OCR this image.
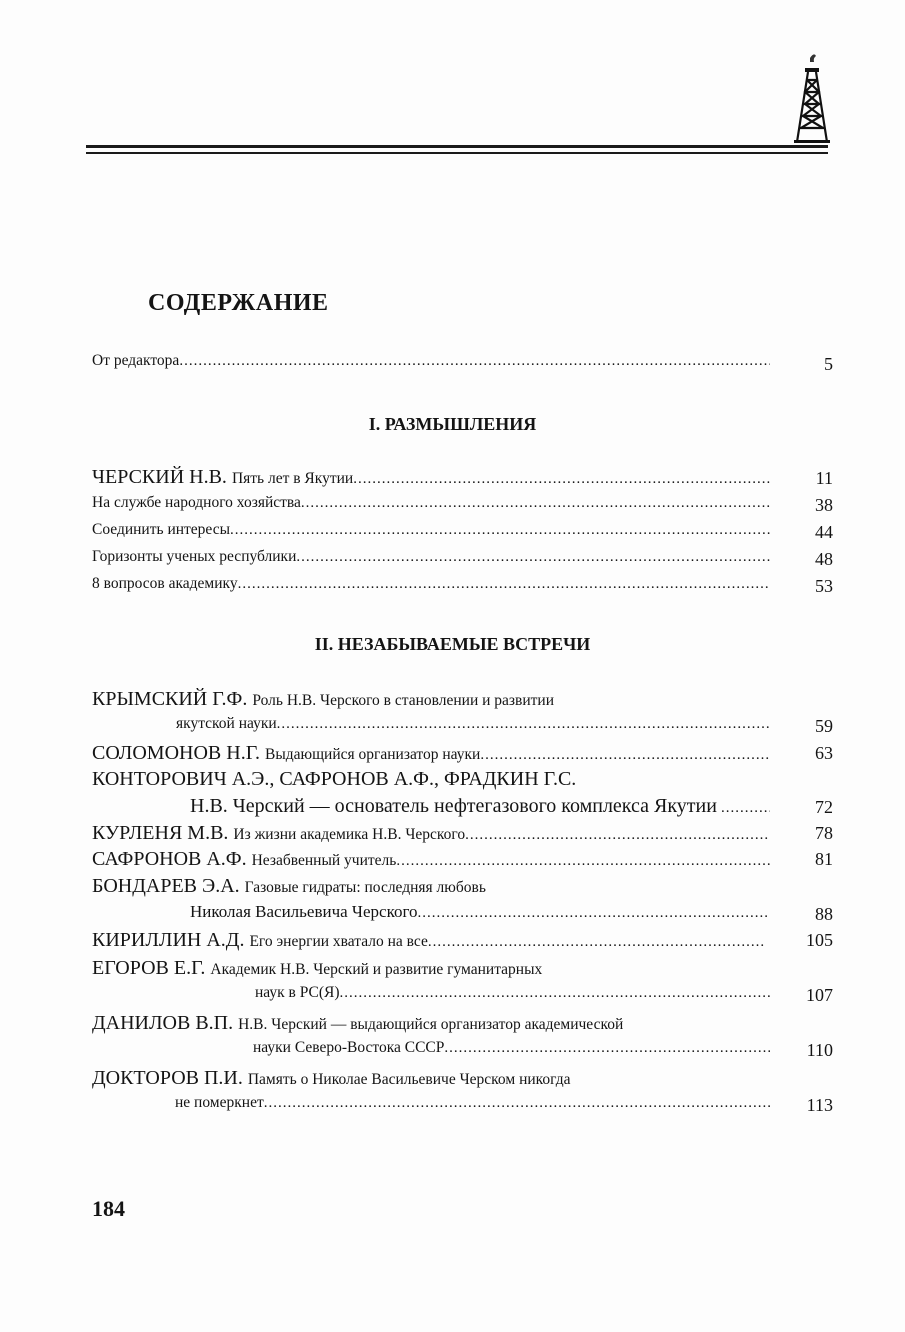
СОДЕРЖАНИЕ
От редактора .....	5
I. РАЗМЫШЛЕНИЯ
ЧЕРСКИЙ Н.В. Пять лет в Якутии .....	11
На службе народного хозяйства .....	38
Соединить интересы .....	44
Горизонты ученых республики .....	48
8 вопросов академику .....	53
II. НЕЗАБЫВАЕМЫЕ ВСТРЕЧИ
КРЫМСКИЙ Г.Ф. Роль Н.В. Черского в становлении и развитии
якутской науки .....	59
СОЛОМОНОВ Н.Г. Выдающийся организатор науки .....	63
КОНТОРОВИЧ А.Э., САФРОНОВ А.Ф., ФРАДКИН Г.С.
Н.В. Черский — основатель нефтегазового комплекса Якутии .....	72
КУРЛЕНЯ М.В. Из жизни академика Н.В. Черского .....	78
САФРОНОВ А.Ф. Незабвенный учитель .....	81
БОНДАРЕВ Э.А. Газовые гидраты: последняя любовь
Николая Васильевича Черского .....	88
КИРИЛЛИН А.Д. Его энергии хватало на все .....	105
ЕГОРОВ Е.Г. Академик Н.В. Черский и развитие гуманитарных
наук в РС(Я) .....	107
ДАНИЛОВ В.П. Н.В. Черский — выдающийся организатор академической
науки Северо-Востока СССР .....	110
ДОКТОРОВ П.И. Память о Николае Васильевиче Черском никогда
не померкнет .....	113
184
